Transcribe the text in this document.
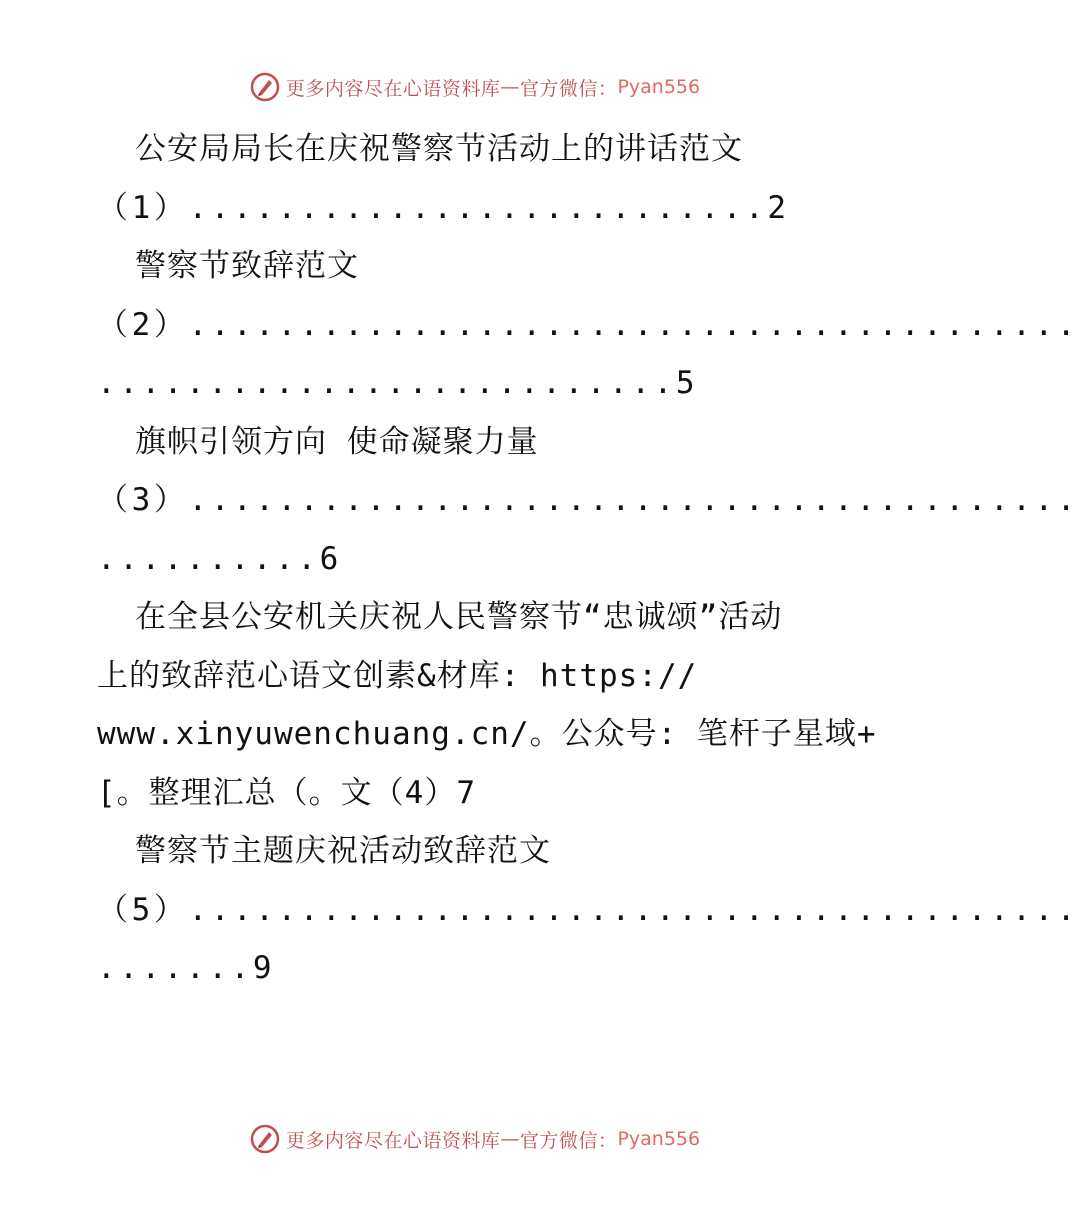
更多内容尽在心语资料库 — 官方微信： Pyan556
公安局局长在庆祝警察节活动上的讲话范文
（1）..........................2
警察节致辞范文
（2）........................................
..........................5
旗帜引领方向 使命凝聚力量
（3）........................................
..........6
在全县公安机关庆祝人民警察节“忠诚颂”活动
上的致辞范心语文创素&材库: https://
www.xinyuwenchuang.cn/。公众号: 笔杆子星域+
[。整理汇总（。文（4）7
警察节主题庆祝活动致辞范文
（5）........................................
.......9
更多内容尽在心语资料库 — 官方微信： Pyan556
